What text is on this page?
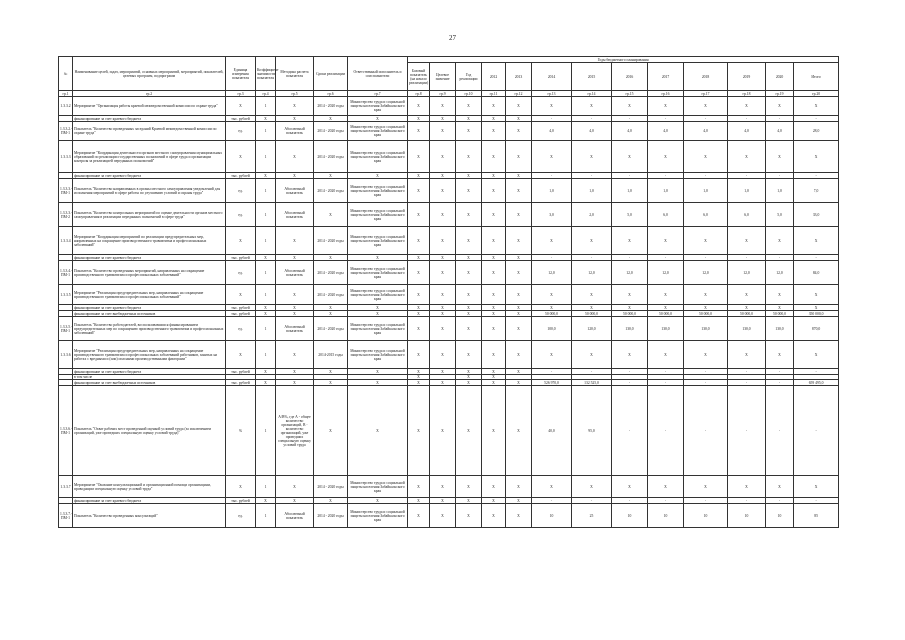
27
№	Наименование целей, задач, мероприятий, основных мероприятий, мероприятий, показателей, целевых программ, подпрограмм	Единица измерения показателя	Коэффициент значимости показателя	Методика расчета показателя	Сроки реализации	Ответственный исполнитель и соисполнители	Годы бюджетного планирования												
							Базовый показатель (на начало реализации)	Целевое значение	Год реализации	2012	2013	2014	2015	2016	2017	2018	2019	2020	Итого
гр.1	гр.2	гр.3	гр.4	гр.5	гр.6	гр.7	гр.8	гр.9	гр.10	гр.11	гр.12	гр.13	гр.14	гр.15	гр.16	гр.17	гр.18	гр.19	гр.20
1.3.3.2	Мероприятие "Организация работы краевой межведомственной комиссии по охране труда"	X	1	X	2014 - 2020 годы	Министерство труда и социальной защиты населения Забайкальского края	X	X	X	X	X	X	X	X	X	X	X	X	X
	финансирование за счет краевого бюджета	тыс. рублей	X	X	X	X	X	X	X	X	X	-	-	-	-	-	-	-	-
1.3.3.2.-ПМ-1	Показатель "Количество проведенных заседаний Краевой межведомственной комиссии по охране труда"	ед.	1	Абсолютный показатель	2014 - 2020 годы	Министерство труда и социальной защиты населения Забайкальского края	X	X	X	X	X	4,0	4,0	4,0	4,0	4,0	4,0	4,0	28,0
1.3.3.3	Мероприятие "Координация деятельности органов местного самоуправления муниципальных образований по реализации государственных полномочий в сфере труда и организации контроля за реализацией переданных полномочий"	X	1	X	2014 - 2020 годы	Министерство труда и социальной защиты населения Забайкальского края	X	X	X	X	X	X	X	X	X	X	X	X	X
	финансирование за счет краевого бюджета	тыс. рублей	X	X	X	X	X	X	X	X	X	-	-	-	-	-	-	-	-
1.3.3.3.-ПМ-1	Показатель "Количество направленных в органы местного самоуправления уведомлений для исполнения мероприятий в сфере работы по улучшению условий и охраны труда"	ед.	1	Абсолютный показатель	2014 - 2020 годы	Министерство труда и социальной защиты населения Забайкальского края	X	X	X	X	X	1,0	1,0	1,0	1,0	1,0	1,0	1,0	7,0
1.3.3.3.-ПМ-2	Показатель "Количество контрольных мероприятий по оценке деятельности органов местного самоуправления в реализации переданных полномочий в сфере труда"	ед.	1	Абсолютный показатель	X	Министерство труда и социальной защиты населения Забайкальского края	X	X	X	X	X	3,0	2,0	5,0	6,0	6,0	6,0	5,0	33,0
1.3.3.4	Мероприятие "Координация мероприятий по реализации предупредительных мер, направленных на сокращение производственного травматизма и профессиональных заболеваний"	X	1	X	2014 - 2020 годы	Министерство труда и социальной защиты населения Забайкальского края	X	X	X	X	X	X	X	X	X	X	X	X	X
	финансирование за счет краевого бюджета	тыс. рублей	X	X	X	X	X	X	X	X	X	-	-	-	-	-	-	-	-
1.3.3.4.-ПМ-1	Показатель "Количество проведенных мероприятий, направленных на сокращение производственного травматизма и профессиональных заболеваний"	ед.	1	Абсолютный показатель	2014 - 2020 годы	Министерство труда и социальной защиты населения Забайкальского края	X	X	X	X	X	12,0	12,0	12,0	12,0	12,0	12,0	12,0	84,0
1.3.3.5	Мероприятие "Реализация предупредительных мер, направленных на сокращение производственного травматизма и профессиональных заболеваний"	X	1	X	2014 - 2020 годы	Министерство труда и социальной защиты населения Забайкальского края	X	X	X	X	X	X	X	X	X	X	X	X	X
	финансирование за счет краевого бюджета	тыс. рублей	X	X	X	X	X	X	X	X	X	X	X	X	X	X	X	X	X
	финансирование за счет внебюджетных источников	тыс. рублей	X	X	X	X	X	X	X	X	X	50 000,0	50 000,0	50 000,0	50 000,0	50 000,0	50 000,0	50 000,0	350 000,0
1.3.3.5.-ПМ-1	Показатель "Количество работодателей, воспользовавшихся финансированием предупредительных мер по сокращению производственного травматизма и профессиональных заболеваний"	ед.	1	Абсолютный показатель	2014 - 2020 годы	Министерство труда и социальной защиты населения Забайкальского края	X	X	X	X	X	100,0	120,0	130,0	130,0	130,0	130,0	130,0	870,0
1.3.3.6	Мероприятие "Реализация предупредительных мер, направленных на сокращение производственного травматизма и профессиональных заболеваний работников, занятых на работах с вредными и (или) опасными производственными факторами"	X	1	X	2014-2015 годы	Министерство труда и социальной защиты населения Забайкальского края	X	X	X	X	X	X	X	X	X	X	X	X	X
	финансирование за счет краевого бюджета	тыс. рублей	X	X	X	X	X	X	X	X	X	-	-	-	-	-	-	-	-
	в том числе						X		X	X									
	финансирование за счет внебюджетных источников	тыс. рублей	X	X	X	X	X	X	X	X	X	526 970,0	132 525,0	-	-	-	-	-	659 495,0
1.3.3.6.-ПМ-1	Показатель "Охват рабочих мест проведенной оценкой условий труда (за исключением организаций, уже проведших специальную оценку условий труда)"	%	1	А/В%, где А - общее количество организаций, В - количество организаций, уже проведших специальную оценку условий труда	X	X	X	X	X	X	X	40,0	95,0	-	-	-	-	-	-
1.3.3.7	Мероприятие "Оказание консультационной и организационной помощи организациям, проводящим специальную оценку условий труда"	X	1	X	2014 - 2020 годы	Министерство труда и социальной защиты населения Забайкальского края	X	X	X	X	X	X	X	X	X	X	X	X	X
	финансирование за счет краевого бюджета	тыс. рублей	X	X	X	X	X	X	X	X	X	-	-	-	-	-	-	-	-
1.3.3.7.-ПМ-1	Показатель "Количество проведенных консультаций"	ед.	1	Абсолютный показатель	2014 - 2020 годы	Министерство труда и социальной защиты населения Забайкальского края	X	X	X	X	X	10	25	10	10	10	10	10	85
